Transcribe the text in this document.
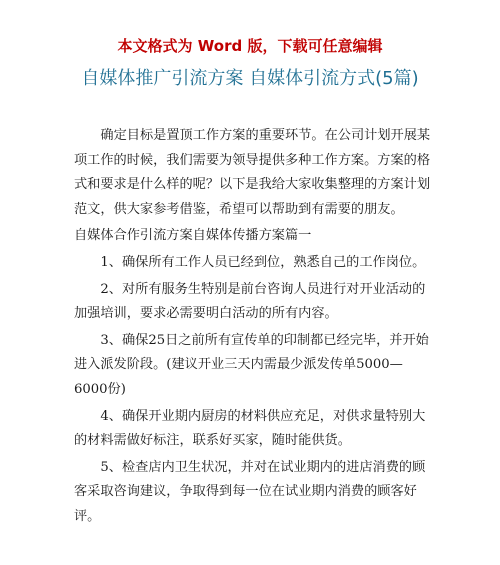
本文格式为 Word 版，下载可任意编辑
自媒体推广引流方案 自媒体引流方式(5篇)

确定目标是置顶工作方案的重要环节。在公司计划开展某项工作的时候，我们需要为领导提供多种工作方案。方案的格式和要求是什么样的呢？以下是我给大家收集整理的方案计划范文，供大家参考借鉴，希望可以帮助到有需要的朋友。

自媒体合作引流方案自媒体传播方案篇一

1、确保所有工作人员已经到位，熟悉自己的工作岗位。

2、对所有服务生特别是前台咨询人员进行对开业活动的加强培训，要求必需要明白活动的所有内容。

3、确保25日之前所有宣传单的印制都已经完毕，并开始进入派发阶段。(建议开业三天内需最少派发传单5000—6000份)

4、确保开业期内厨房的材料供应充足，对供求量特别大的材料需做好标注，联系好买家，随时能供货。

5、检查店内卫生状况，并对在试业期内的进店消费的顾客采取咨询建议，争取得到每一位在试业期内消费的顾客好评。
